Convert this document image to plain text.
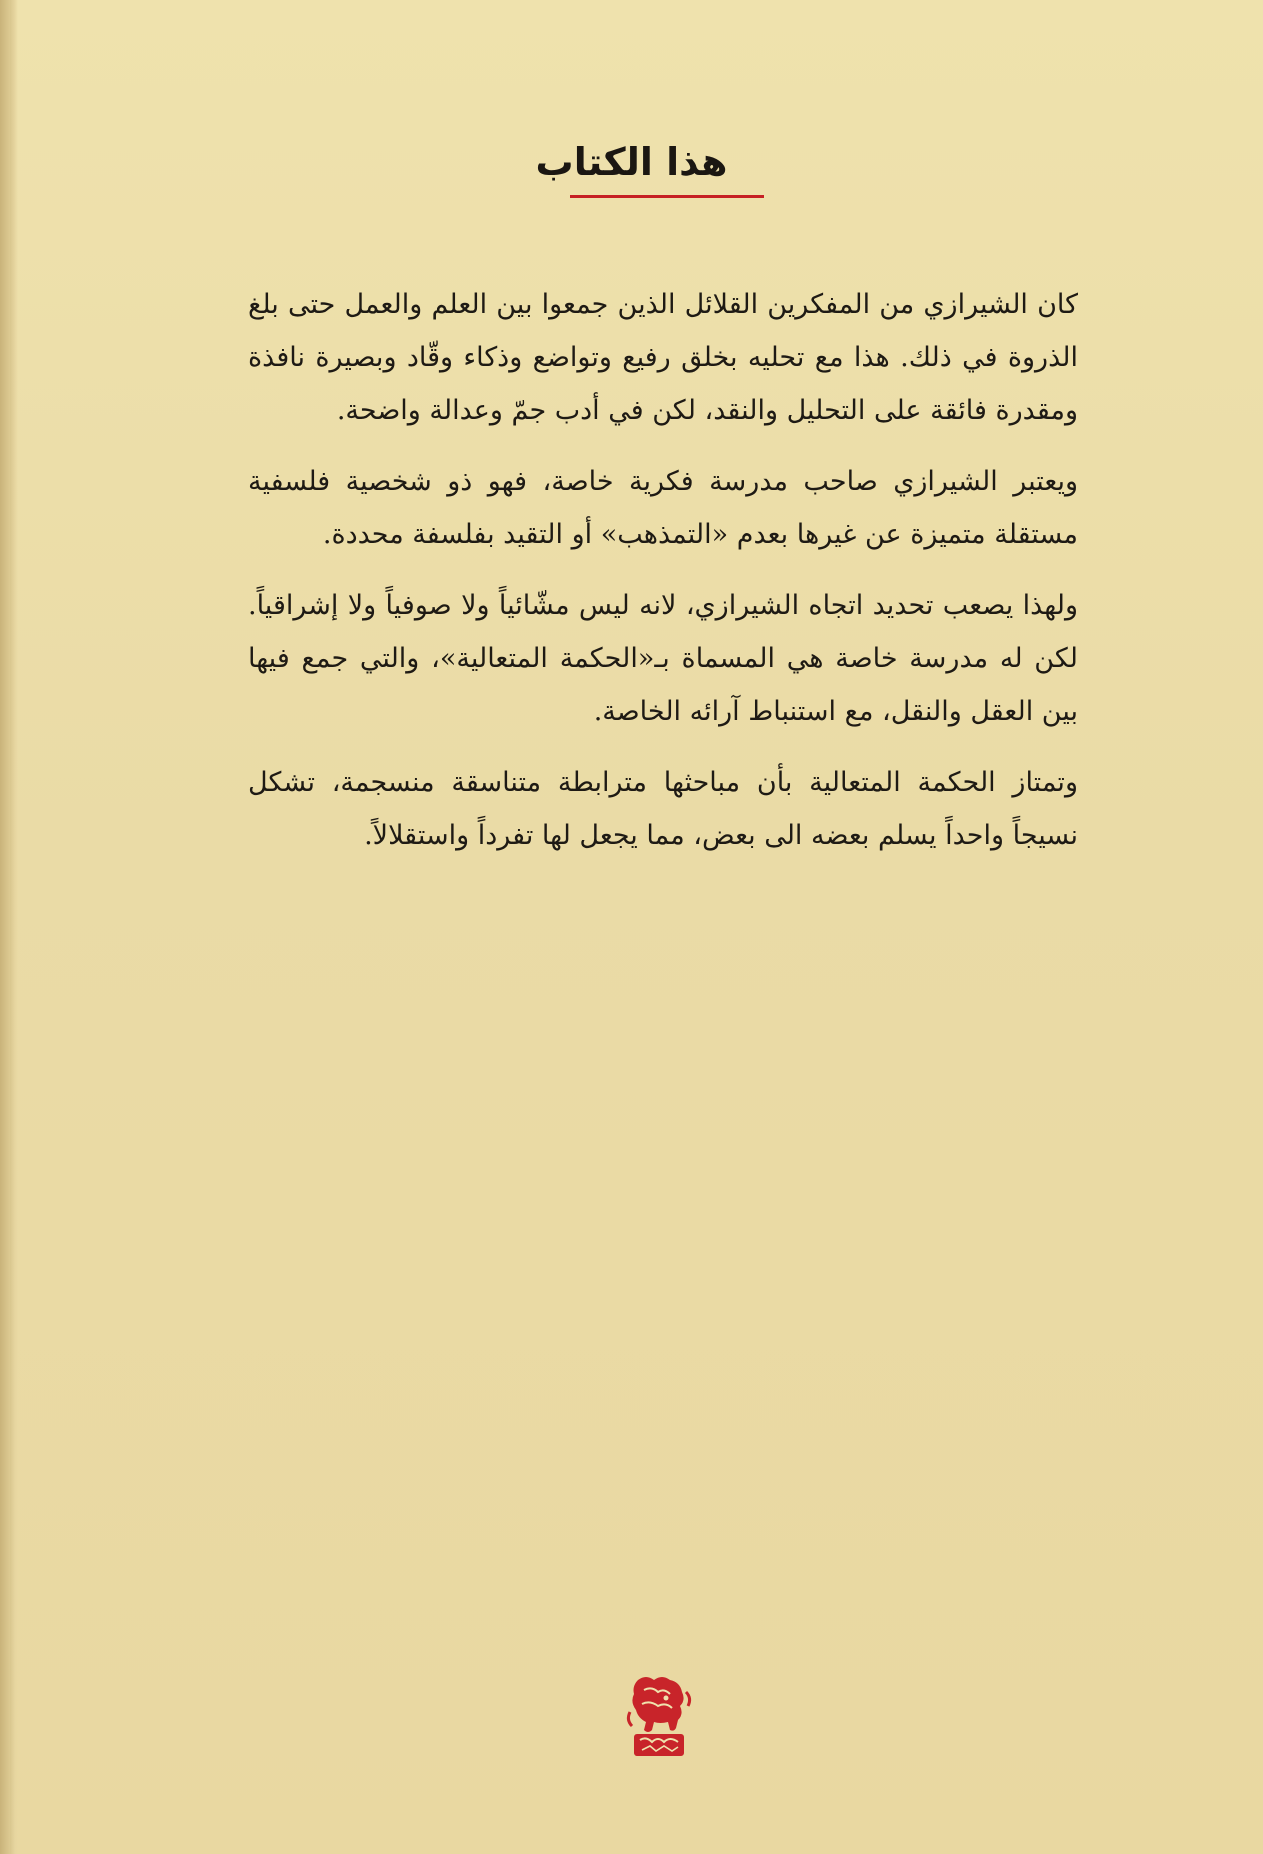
هذا الكتاب

كان الشيرازي من المفكرين القلائل الذين جمعوا بين العلم والعمل حتى بلغ الذروة في ذلك. هذا مع تحليه بخلق رفيع وتواضع وذكاء وقّاد وبصيرة نافذة ومقدرة فائقة على التحليل والنقد، لكن في أدب جمّ وعدالة واضحة.

ويعتبر الشيرازي صاحب مدرسة فكرية خاصة، فهو ذو شخصية فلسفية مستقلة متميزة عن غيرها بعدم «التمذهب» أو التقيد بفلسفة محددة.

ولهذا يصعب تحديد اتجاه الشيرازي، لانه ليس مشّائياً ولا صوفياً ولا إشراقياً. لكن له مدرسة خاصة هي المسماة بـ«الحكمة المتعالية»، والتي جمع فيها بين العقل والنقل، مع استنباط آرائه الخاصة.

وتمتاز الحكمة المتعالية بأن مباحثها مترابطة متناسقة منسجمة، تشكل نسيجاً واحداً يسلم بعضه الى بعض، مما يجعل لها تفرداً واستقلالاً.
